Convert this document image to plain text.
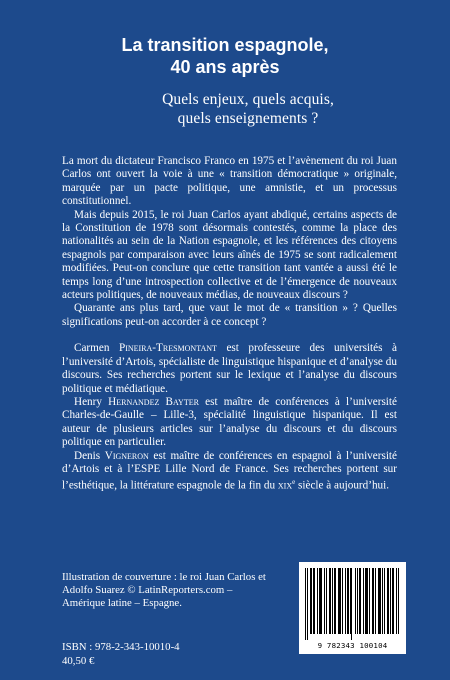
La transition espagnole,
40 ans après
Quels enjeux, quels acquis,
quels enseignements ?

La mort du dictateur Francisco Franco en 1975 et l’avènement du roi Juan Carlos ont ouvert la voie à une « transition démocratique » originale, marquée par un pacte politique, une amnistie, et un processus constitutionnel.

Mais depuis 2015, le roi Juan Carlos ayant abdiqué, certains aspects de la Constitution de 1978 sont désormais contestés, comme la place des nationalités au sein de la Nation espagnole, et les références des citoyens espagnols par comparaison avec leurs aînés de 1975 se sont radicalement modifiées. Peut-on conclure que cette transition tant vantée a aussi été le temps long d’une introspection collective et de l’émergence de nouveaux acteurs politiques, de nouveaux médias, de nouveaux discours ?

Quarante ans plus tard, que vaut le mot de « transition » ? Quelles significations peut-on accorder à ce concept ?

Carmen Pineira-Tresmontant est professeure des universités à l’université d’Artois, spécialiste de linguistique hispanique et d’analyse du discours. Ses recherches portent sur le lexique et l’analyse du discours politique et médiatique.

Henry Hernandez Bayter est maître de conférences à l’université Charles-de-Gaulle – Lille-3, spécialité linguistique hispanique. Il est auteur de plusieurs articles sur l’analyse du discours et du discours politique en particulier.

Denis Vigneron est maître de conférences en espagnol à l’université d’Artois et à l’ESPE Lille Nord de France. Ses recherches portent sur l’esthétique, la littérature espagnole de la fin du xix$^e$ siècle à aujourd’hui.

Illustration de couverture : le roi Juan Carlos et Adolfo Suarez © LatinReporters.com – Amérique latine – Espagne.
ISBN : 978-2-343-10010-4
40,50 €
9 782343 100104
